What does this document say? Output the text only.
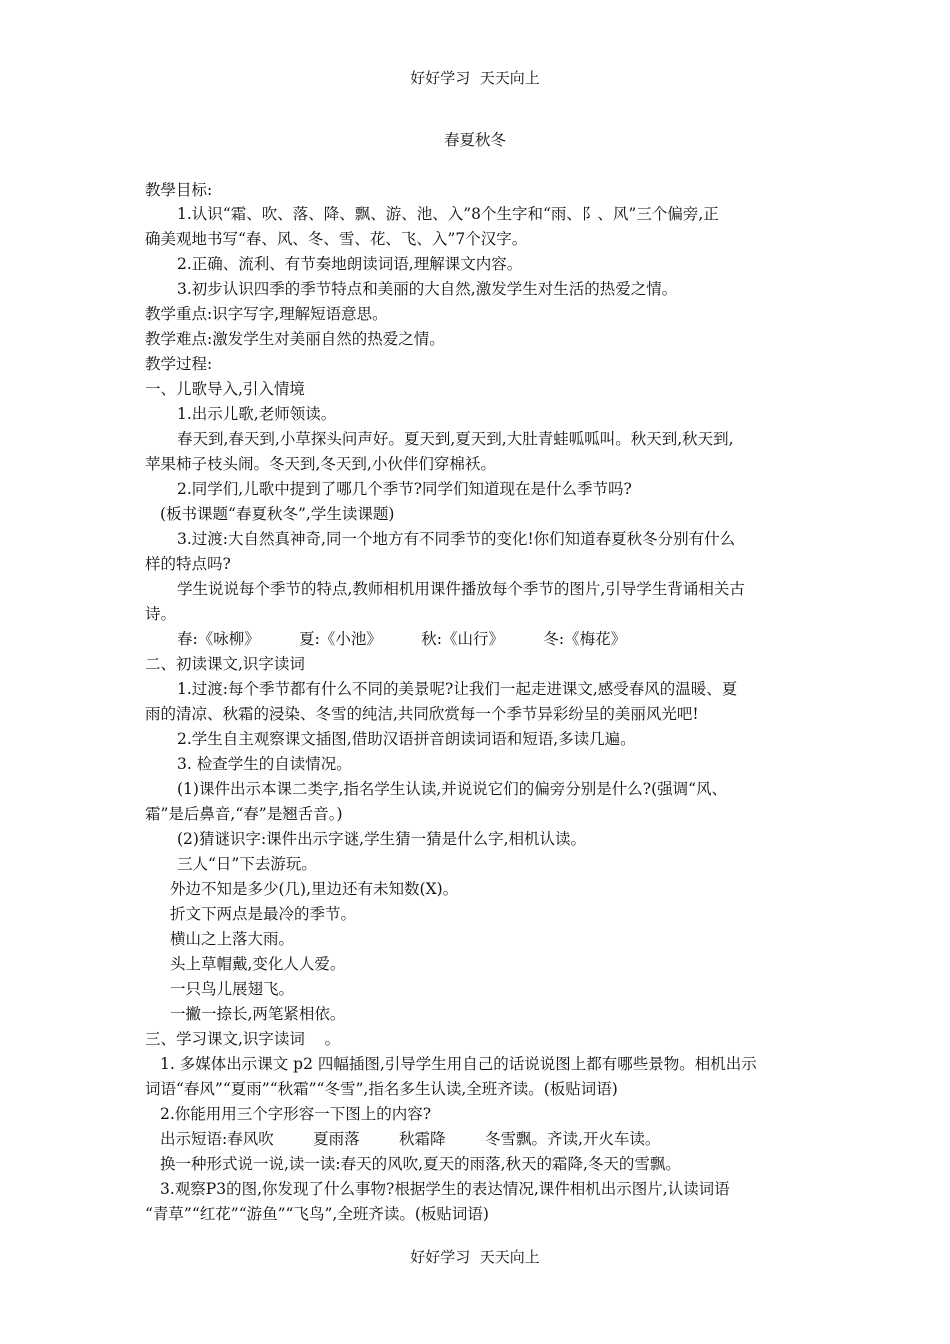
好好学习  天天向上
春夏秋冬
教學目标:
1.认识“霜、吹、落、降、飘、游、池、入”8个生字和“雨、阝、风”三个偏旁,正
确美观地书写“春、风、冬、雪、花、飞、入”7个汉字。
2.正确、流利、有节奏地朗读词语,理解课文内容。
3.初步认识四季的季节特点和美丽的大自然,激发学生对生活的热爱之情。
教学重点:识字写字,理解短语意思。
教学难点:激发学生对美丽自然的热爱之情。
教学过程:
一、儿歌导入,引入情境
1.出示儿歌,老师领读。
春天到,春天到,小草探头问声好。夏天到,夏天到,大肚青蛙呱呱叫。秋天到,秋天到,
苹果柿子枝头闹。冬天到,冬天到,小伙伴们穿棉袄。
2.同学们,儿歌中提到了哪几个季节?同学们知道现在是什么季节吗?
(板书课题“春夏秋冬”,学生读课题)
3.过渡:大自然真神奇,同一个地方有不同季节的变化!你们知道春夏秋冬分别有什么
样的特点吗?
学生说说每个季节的特点,教师相机用课件播放每个季节的图片,引导学生背诵相关古
诗。
春:《咏柳》        夏:《小池》        秋:《山行》        冬:《梅花》
二、初读课文,识字读词
1.过渡:每个季节都有什么不同的美景呢?让我们一起走进课文,感受春风的温暖、夏
雨的清凉、秋霜的浸染、冬雪的纯洁,共同欣赏每一个季节异彩纷呈的美丽风光吧!
2.学生自主观察课文插图,借助汉语拼音朗读词语和短语,多读几遍。
3. 检查学生的自读情况。
(1)课件出示本课二类字,指名学生认读,并说说它们的偏旁分别是什么?(强调“风、
霜”是后鼻音,“春”是翘舌音。)
(2)猜谜识字:课件出示字谜,学生猜一猜是什么字,相机认读。
三人“日”下去游玩。
外边不知是多少(几),里边还有未知数(X)。
折文下两点是最冷的季节。
横山之上落大雨。
头上草帽戴,变化人人爱。
一只鸟儿展翅飞。
一撇一捺长,两笔紧相依。
三、学习课文,识字读词    。
1. 多媒体出示课文 p2 四幅插图,引导学生用自己的话说说图上都有哪些景物。相机出示
词语“春风”“夏雨”“秋霜”“冬雪”,指名多生认读,全班齐读。(板贴词语)
2.你能用用三个字形容一下图上的内容?
出示短语:春风吹        夏雨落        秋霜降        冬雪飘。齐读,开火车读。
换一种形式说一说,读一读:春天的风吹,夏天的雨落,秋天的霜降,冬天的雪飘。
3.观察P3的图,你发现了什么事物?根据学生的表达情况,课件相机出示图片,认读词语
“青草”“红花”“游鱼”“飞鸟”,全班齐读。(板贴词语)
好好学习  天天向上
